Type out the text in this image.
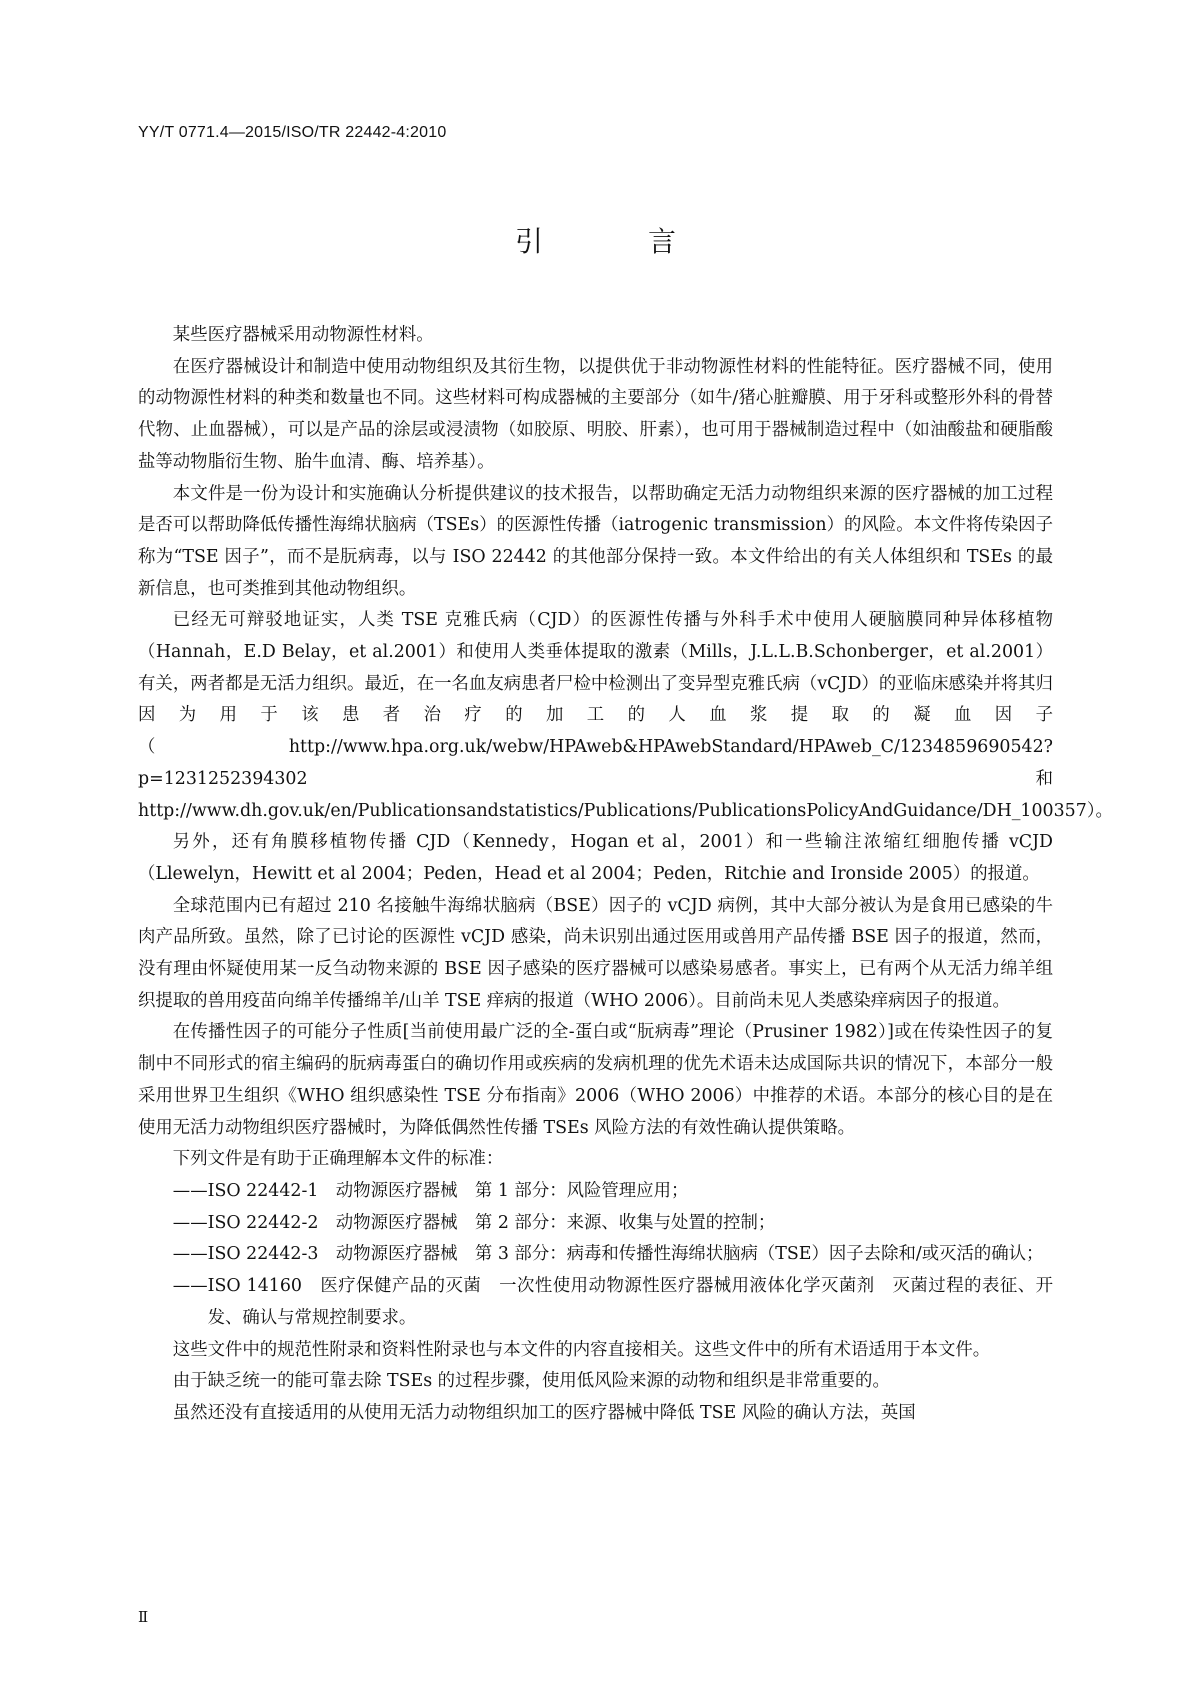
YY/T 0771.4—2015/ISO/TR 22442-4:2010
引 言

某些医疗器械采用动物源性材料。

在医疗器械设计和制造中使用动物组织及其衍生物，以提供优于非动物源性材料的性能特征。医疗器械不同，使用的动物源性材料的种类和数量也不同。这些材料可构成器械的主要部分（如牛/猪心脏瓣膜、用于牙科或整形外科的骨替代物、止血器械），可以是产品的涂层或浸渍物（如胶原、明胶、肝素），也可用于器械制造过程中（如油酸盐和硬脂酸盐等动物脂衍生物、胎牛血清、酶、培养基）。

本文件是一份为设计和实施确认分析提供建议的技术报告，以帮助确定无活力动物组织来源的医疗器械的加工过程是否可以帮助降低传播性海绵状脑病（TSEs）的医源性传播（iatrogenic transmission）的风险。本文件将传染因子称为“TSE 因子”，而不是朊病毒，以与 ISO 22442 的其他部分保持一致。本文件给出的有关人体组织和 TSEs 的最新信息，也可类推到其他动物组织。

已经无可辩驳地证实，人类 TSE 克雅氏病（CJD）的医源性传播与外科手术中使用人硬脑膜同种异体移植物（Hannah，E.D Belay，et al.2001）和使用人类垂体提取的激素（Mills，J.L.L.B.Schonberger，et al.2001）有关，两者都是无活力组织。最近，在一名血友病患者尸检中检测出了变异型克雅氏病（vCJD）的亚临床感染并将其归因为用于该患者治疗的加工的人血浆提取的凝血因子（http://www.hpa.org.uk/webw/HPAweb&HPAwebStandard/HPAweb_C/1234859690542? p=1231252394302 和 http://www.dh.gov.uk/en/Publicationsandstatistics/Publications/PublicationsPolicyAndGuidance/DH_100357）。

另外，还有角膜移植物传播 CJD（Kennedy，Hogan et al，2001）和一些输注浓缩红细胞传播 vCJD（Llewelyn，Hewitt et al 2004；Peden，Head et al 2004；Peden，Ritchie and Ironside 2005）的报道。

全球范围内已有超过 210 名接触牛海绵状脑病（BSE）因子的 vCJD 病例，其中大部分被认为是食用已感染的牛肉产品所致。虽然，除了已讨论的医源性 vCJD 感染，尚未识别出通过医用或兽用产品传播 BSE 因子的报道，然而，没有理由怀疑使用某一反刍动物来源的 BSE 因子感染的医疗器械可以感染易感者。事实上，已有两个从无活力绵羊组织提取的兽用疫苗向绵羊传播绵羊/山羊 TSE 痒病的报道（WHO 2006）。目前尚未见人类感染痒病因子的报道。

在传播性因子的可能分子性质[当前使用最广泛的全-蛋白或“朊病毒”理论（Prusiner 1982）]或在传染性因子的复制中不同形式的宿主编码的朊病毒蛋白的确切作用或疾病的发病机理的优先术语未达成国际共识的情况下，本部分一般采用世界卫生组织《WHO 组织感染性 TSE 分布指南》2006（WHO 2006）中推荐的术语。本部分的核心目的是在使用无活力动物组织医疗器械时，为降低偶然性传播 TSEs 风险方法的有效性确认提供策略。

下列文件是有助于正确理解本文件的标准：

——ISO 22442-1　动物源医疗器械　第 1 部分：风险管理应用；

——ISO 22442-2　动物源医疗器械　第 2 部分：来源、收集与处置的控制；

——ISO 22442-3　动物源医疗器械　第 3 部分：病毒和传播性海绵状脑病（TSE）因子去除和/或灭活的确认；

——ISO 14160　医疗保健产品的灭菌　一次性使用动物源性医疗器械用液体化学灭菌剂　灭菌过程的表征、开发、确认与常规控制要求。

这些文件中的规范性附录和资料性附录也与本文件的内容直接相关。这些文件中的所有术语适用于本文件。

由于缺乏统一的能可靠去除 TSEs 的过程步骤，使用低风险来源的动物和组织是非常重要的。

虽然还没有直接适用的从使用无活力动物组织加工的医疗器械中降低 TSE 风险的确认方法，英国

Ⅱ
